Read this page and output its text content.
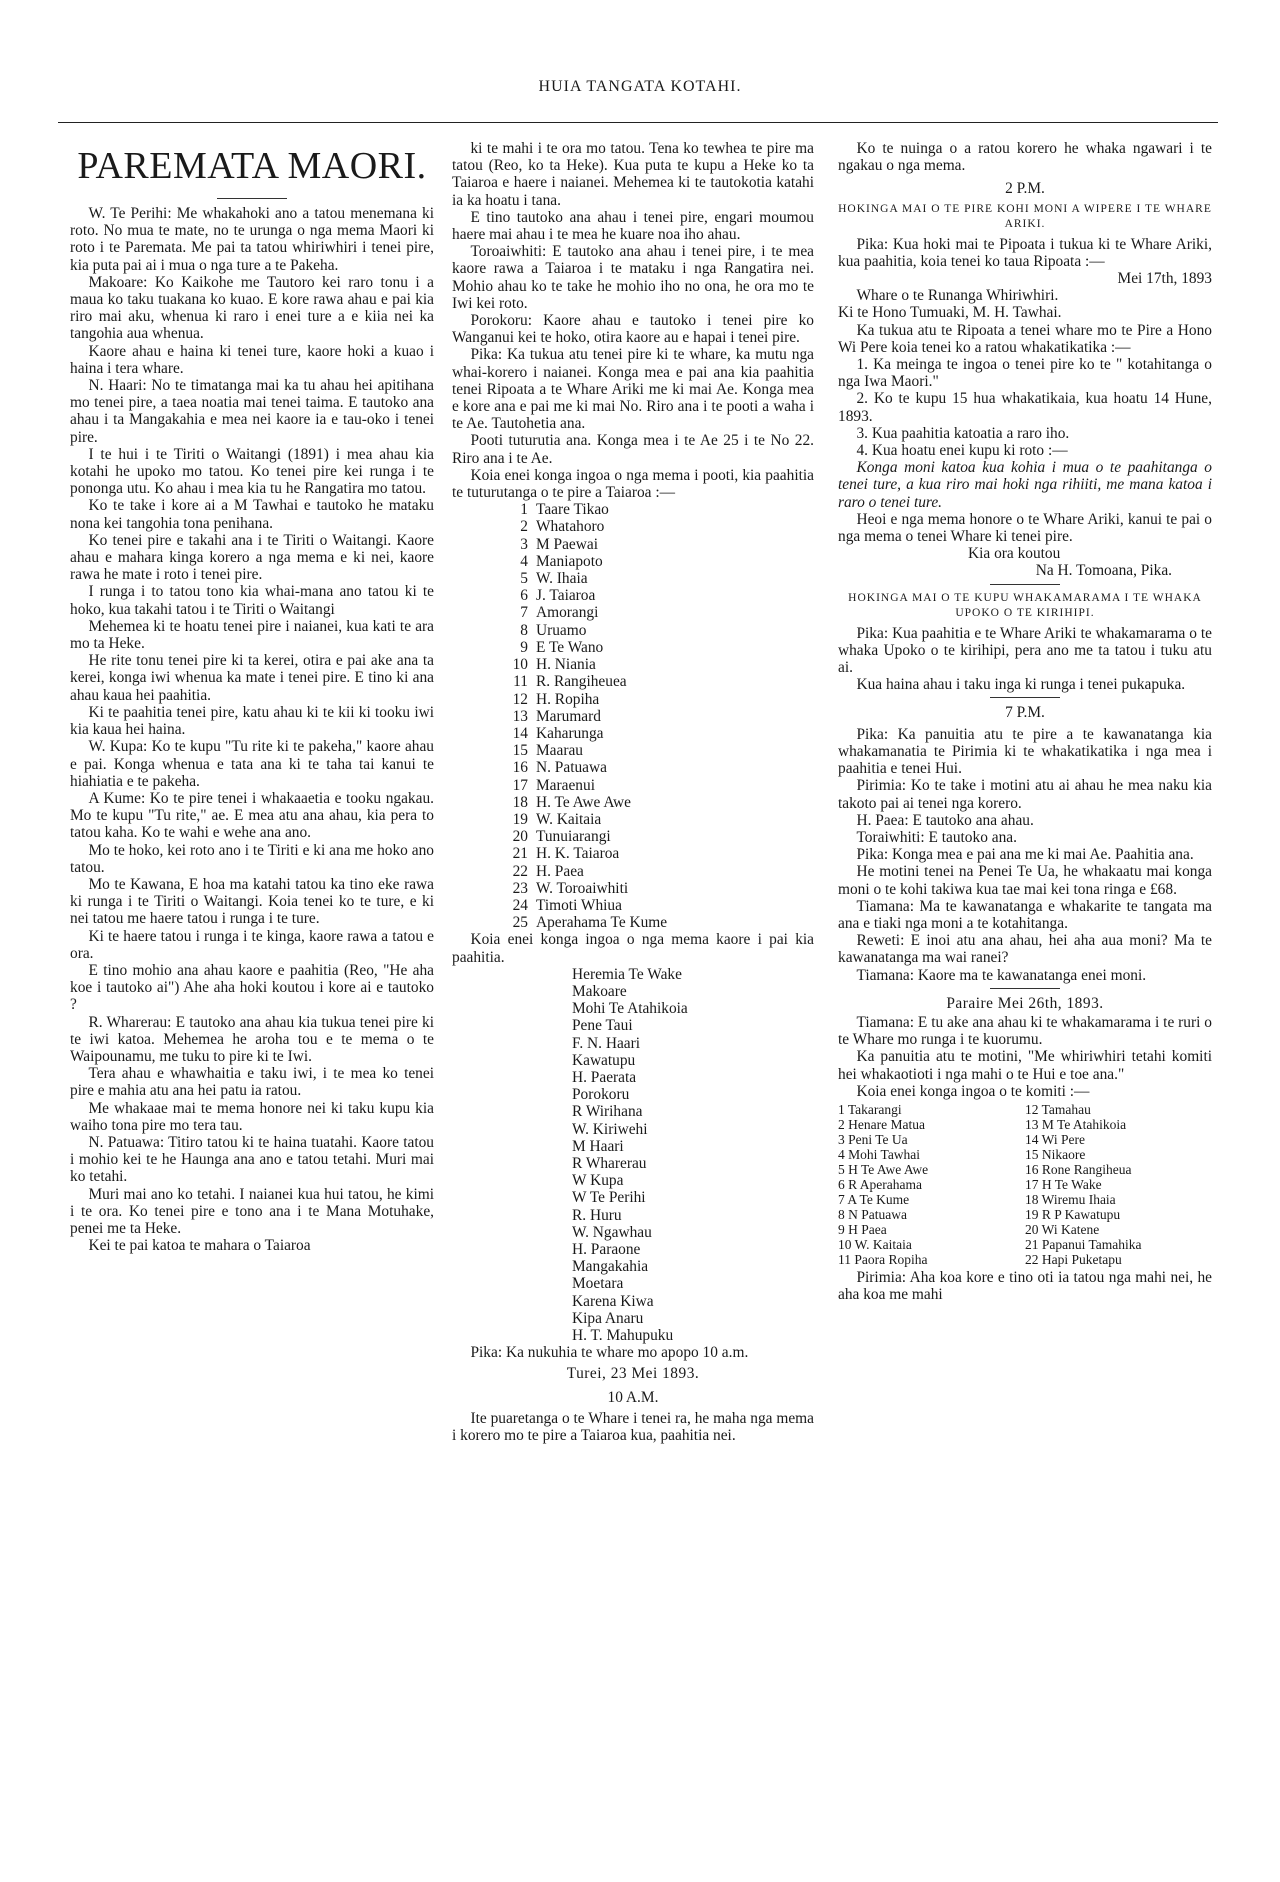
HUIA TANGATA KOTAHI.
PAREMATA MAORI.

W. Te Perihi: Me whakahoki ano a tatou menemana ki roto. No mua te mate, no te urunga o nga mema Maori ki roto i te Paremata. Me pai ta tatou whiriwhiri i tenei pire, kia puta pai ai i mua o nga ture a te Pakeha.

Makoare: Ko Kaikohe me Tautoro kei raro tonu i a maua ko taku tuakana ko kuao. E kore rawa ahau e pai kia riro mai aku, whenua ki raro i enei ture a e kiia nei ka tangohia aua whenua.

Kaore ahau e haina ki tenei ture, kaore hoki a kuao i haina i tera whare.

N. Haari: No te timatanga mai ka tu ahau hei apitihana mo tenei pire, a taea noatia mai tenei taima. E tautoko ana ahau i ta Mangakahia e mea nei kaore ia e tau-oko i tenei pire.

I te hui i te Tiriti o Waitangi (1891) i mea ahau kia kotahi he upoko mo tatou. Ko tenei pire kei runga i te pononga utu. Ko ahau i mea kia tu he Rangatira mo tatou.

Ko te take i kore ai a M Tawhai e tautoko he mataku nona kei tangohia tona penihana.

Ko tenei pire e takahi ana i te Tiriti o Waitangi. Kaore ahau e mahara kinga korero a nga mema e ki nei, kaore rawa he mate i roto i tenei pire.

I runga i to tatou tono kia whai-mana ano tatou ki te hoko, kua takahi tatou i te Tiriti o Waitangi

Mehemea ki te hoatu tenei pire i naianei, kua kati te ara mo ta Heke.

He rite tonu tenei pire ki ta kerei, otira e pai ake ana ta kerei, konga iwi whenua ka mate i tenei pire. E tino ki ana ahau kaua hei paahitia.

Ki te paahitia tenei pire, katu ahau ki te kii ki tooku iwi kia kaua hei haina.

W. Kupa: Ko te kupu "Tu rite ki te pakeha," kaore ahau e pai. Konga whenua e tata ana ki te taha tai kanui te hiahiatia e te pakeha.

A Kume: Ko te pire tenei i whakaaetia e tooku ngakau. Mo te kupu "Tu rite," ae. E mea atu ana ahau, kia pera to tatou kaha. Ko te wahi e wehe ana ano.

Mo te hoko, kei roto ano i te Tiriti e ki ana me hoko ano tatou.

Mo te Kawana, E hoa ma katahi tatou ka tino eke rawa ki runga i te Tiriti o Waitangi. Koia tenei ko te ture, e ki nei tatou me haere tatou i runga i te ture.

Ki te haere tatou i runga i te kinga, kaore rawa a tatou e ora.

E tino mohio ana ahau kaore e paahitia (Reo, "He aha koe i tautoko ai") Ahe aha hoki koutou i kore ai e tautoko ?

R. Wharerau: E tautoko ana ahau kia tukua tenei pire ki te iwi katoa. Mehemea he aroha tou e te mema o te Waipounamu, me tuku to pire ki te Iwi.

Tera ahau e whawhaitia e taku iwi, i te mea ko tenei pire e mahia atu ana hei patu ia ratou.

Me whakaae mai te mema honore nei ki taku kupu kia waiho tona pire mo tera tau.

N. Patuawa: Titiro tatou ki te haina tuatahi. Kaore tatou i mohio kei te he Haunga ana ano e tatou tetahi. Muri mai ko tetahi.

Muri mai ano ko tetahi. I naianei kua hui tatou, he kimi i te ora. Ko tenei pire e tono ana i te Mana Motuhake, penei me ta Heke.

Kei te pai katoa te mahara o Taiaroa

ki te mahi i te ora mo tatou. Tena ko tewhea te pire ma tatou (Reo, ko ta Heke). Kua puta te kupu a Heke ko ta Taiaroa e haere i naianei. Mehemea ki te tautokotia katahi ia ka hoatu i tana.

E tino tautoko ana ahau i tenei pire, engari moumou haere mai ahau i te mea he kuare noa iho ahau.

Toroaiwhiti: E tautoko ana ahau i tenei pire, i te mea kaore rawa a Taiaroa i te mataku i nga Rangatira nei. Mohio ahau ko te take he mohio iho no ona, he ora mo te Iwi kei roto.

Porokoru: Kaore ahau e tautoko i tenei pire ko Wanganui kei te hoko, otira kaore au e hapai i tenei pire.

Pika: Ka tukua atu tenei pire ki te whare, ka mutu nga whai-korero i naianei. Konga mea e pai ana kia paahitia tenei Ripoata a te Whare Ariki me ki mai Ae. Konga mea e kore ana e pai me ki mai No. Riro ana i te pooti a waha i te Ae. Tautohetia ana.

Pooti tuturutia ana. Konga mea i te Ae 25 i te No 22. Riro ana i te Ae.

Koia enei konga ingoa o nga mema i pooti, kia paahitia te tuturutanga o te pire a Taiaroa :—

1 Taare Tikao
2 Whatahoro
3 M Paewai
4 Maniapoto
5 W. Ihaia
6 J. Taiaroa
7 Amorangi
8 Uruamo
9 E Te Wano
10 H. Niania
11 R. Rangiheuea
12 H. Ropiha
13 Marumard
14 Kaharunga
15 Maarau
16 N. Patuawa
17 Maraenui
18 H. Te Awe Awe
19 W. Kaitaia
20 Tunuiarangi
21 H. K. Taiaroa
22 H. Paea
23 W. Toroaiwhiti
24 Timoti Whiua
25 Aperahama Te Kume

Koia enei konga ingoa o nga mema kaore i pai kia paahitia.

Heremia Te Wake
Makoare
Mohi Te Atahikoia
Pene Taui
F. N. Haari
Kawatupu
H. Paerata
Porokoru
R Wirihana
W. Kiriwehi
M Haari
R Wharerau
W Kupa
W Te Perihi
R. Huru
W. Ngawhau
H. Paraone
Mangakahia
Moetara
Karena Kiwa
Kipa Anaru
H. T. Mahupuku

Pika: Ka nukuhia te whare mo apopo 10 a.m.

Turei, 23 Mei 1893.
10 A.M.

Ite puaretanga o te Whare i tenei ra, he maha nga mema i korero mo te pire a Taiaroa kua, paahitia nei.

Ko te nuinga o a ratou korero he whaka ngawari i te ngakau o nga mema.

2 P.M.
HOKINGA MAI O TE PIRE KOHI MONI A WIPERE I TE WHARE ARIKI.

Pika: Kua hoki mai te Pipoata i tukua ki te Whare Ariki, kua paahitia, koia tenei ko taua Ripoata :—

Mei 17th, 1893

Whare o te Runanga Whiriwhiri.

Ki te Hono Tumuaki, M. H. Tawhai.

Ka tukua atu te Ripoata a tenei whare mo te Pire a Hono Wi Pere koia tenei ko a ratou whakatikatika :—

1. Ka meinga te ingoa o tenei pire ko te " kotahitanga o nga Iwa Maori."

2. Ko te kupu 15 hua whakatikaia, kua hoatu 14 Hune, 1893.

3. Kua paahitia katoatia a raro iho.

4. Kua hoatu enei kupu ki roto :—

Konga moni katoa kua kohia i mua o te paahitanga o tenei ture, a kua riro mai hoki nga rihiiti, me mana katoa i raro o tenei ture.

Heoi e nga mema honore o te Whare Ariki, kanui te pai o nga mema o tenei Whare ki tenei pire.

Kia ora koutou

Na H. Tomoana, Pika.
HOKINGA MAI O TE KUPU WHAKAMARAMA I TE WHAKA UPOKO O TE KIRIHIPI.

Pika: Kua paahitia e te Whare Ariki te whakamarama o te whaka Upoko o te kirihipi, pera ano me ta tatou i tuku atu ai.

Kua haina ahau i taku inga ki runga i tenei pukapuka.

7 P.M.

Pika: Ka panuitia atu te pire a te kawanatanga kia whakamanatia te Pirimia ki te whakatikatika i nga mea i paahitia e tenei Hui.

Pirimia: Ko te take i motini atu ai ahau he mea naku kia takoto pai ai tenei nga korero.

H. Paea: E tautoko ana ahau.

Toraiwhiti: E tautoko ana.

Pika: Konga mea e pai ana me ki mai Ae. Paahitia ana.

He motini tenei na Penei Te Ua, he whakaatu mai konga moni o te kohi takiwa kua tae mai kei tona ringa e £68.

Tiamana: Ma te kawanatanga e whakarite te tangata ma ana e tiaki nga moni a te kotahitanga.

Reweti: E inoi atu ana ahau, hei aha aua moni? Ma te kawanatanga ma wai ranei?

Tiamana: Kaore ma te kawanatanga enei moni.

Paraire Mei 26th, 1893.

Tiamana: E tu ake ana ahau ki te whakamarama i te ruri o te Whare mo runga i te kuorumu.

Ka panuitia atu te motini, "Me whiriwhiri tetahi komiti hei whakaotioti i nga mahi o te Hui e toe ana."

Koia enei konga ingoa o te komiti :—

1 Takarangi
2 Henare Matua
3 Peni Te Ua
4 Mohi Tawhai
5 H Te Awe Awe
6 R Aperahama
7 A Te Kume
8 N Patuawa
9 H Paea
10 W. Kaitaia
11 Paora Ropiha
12 Tamahau
13 M Te Atahikoia
14 Wi Pere
15 Nikaore
16 Rone Rangiheua
17 H Te Wake
18 Wiremu Ihaia
19 R P Kawatupu
20 Wi Katene
21 Papanui Tamahika
22 Hapi Puketapu

Pirimia: Aha koa kore e tino oti ia tatou nga mahi nei, he aha koa me mahi
